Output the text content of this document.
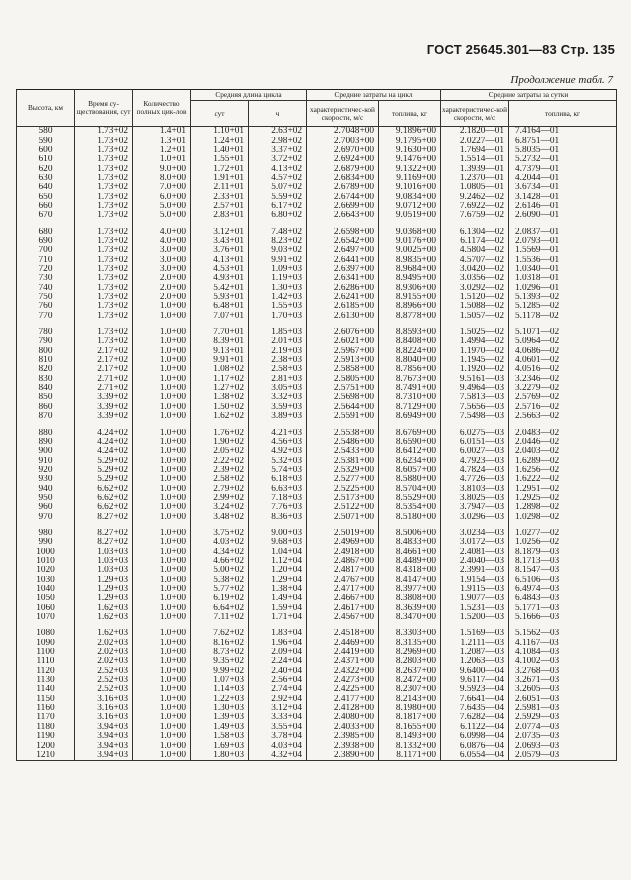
ГОСТ 25645.301—83 Стр. 135
Продолжение табл. 7
Высота, км	Время су-ществования, сут	Количество полных цик-лов	Средняя длина цикла		Средние затраты на цикл		Средние затраты за сутки	
			сут	ч	характеристичес-кой скорости, м/с	топлива, кг	характеристичес-кой скорости, м/с	топлива, кг
580	1.73+02	1.4+01	1.10+01	2.63+02	2.7048+00	9.1896+00	2.1820—01	7.4164—01
590	1.73+02	1.3+01	1.24+01	2.98+02	2.7003+00	9.1795+00	2.0227—01	6.8751—01
600	1.73+02	1.2+01	1.40+01	3.37+02	2.6970+00	9.1630+00	1.7694—01	5.8035—01
610	1.73+02	1.0+01	1.55+01	3.72+02	2.6924+00	9.1476+00	1.5514—01	5.2732—01
620	1.73+02	9.0+00	1.72+01	4.13+02	2.6879+00	9.1322+00	1.3939—01	4.7379—01
630	1.73+02	8.0+00	1.91+01	4.57+02	2.6834+00	9.1169+00	1.2370—01	4.2044—01
640	1.73+02	7.0+00	2.11+01	5.07+02	2.6789+00	9.1016+00	1.0805—01	3.6734—01
650	1.73+02	6.0+00	2.33+01	5.59+02	2.6744+00	9.0834+00	9.2462—02	3.1428—01
660	1.73+02	5.0+00	2.57+01	6.17+02	2.6699+00	9.0712+00	7.6922—02	2.6146—01
670	1.73+02	5.0+00	2.83+01	6.80+02	2.6643+00	9.0519+00	7.6759—02	2.6090—01

680	1.73+02	4.0+00	3.12+01	7.48+02	2.6598+00	9.0368+00	6.1304—02	2.0837—01
690	1.73+02	4.0+00	3.43+01	8.23+02	2.6542+00	9.0176+00	6.1174—02	2.0793—01
700	1.73+02	3.0+00	3.76+01	9.03+02	2.6497+00	9.0025+00	4.5804—02	1.5569—01
710	1.73+02	3.0+00	4.13+01	9.91+02	2.6441+00	8.9835+00	4.5707—02	1.5536—01
720	1.73+02	3.0+00	4.53+01	1.09+03	2.6397+00	8.9684+00	3.0420—02	1.0340—01
730	1.73+02	2.0+00	4.93+01	1.19+03	2.6341+00	8.9495+00	3.0356—02	1.0318—01
740	1.73+02	2.0+00	5.42+01	1.30+03	2.6286+00	8.9306+00	3.0292—02	1.0296—01
750	1.73+02	2.0+00	5.93+01	1.42+03	2.6241+00	8.9155+00	1.5120—02	5.1393—02
760	1.73+02	1.0+00	6.48+01	1.55+03	2.6185+00	8.8966+00	1.5088—02	5.1285—02
770	1.73+02	1.0+00	7.07+01	1.70+03	2.6130+00	8.8778+00	1.5057—02	5.1178—02

780	1.73+02	1.0+00	7.70+01	1.85+03	2.6076+00	8.8593+00	1.5025—02	5.1071—02
790	1.73+02	1.0+00	8.39+01	2.01+03	2.6021+00	8.8408+00	1.4994—02	5.0964—02
800	2.17+02	1.0+00	9.13+01	2.19+03	2.5967+00	8.8224+00	1.1970—02	4.0686—02
810	2.17+02	1.0+00	9.91+01	2.38+03	2.5913+00	8.8040+00	1.1945—02	4.0601—02
820	2.17+02	1.0+00	1.08+02	2.58+03	2.5858+00	8.7856+00	1.1920—02	4.0516—02
830	2.71+02	1.0+00	1.17+02	2.81+03	2.5805+00	8.7673+00	9.5161—03	3.2346—02
840	2.71+02	1.0+00	1.27+02	3.05+03	2.5751+00	8.7491+00	9.4964—03	3.2279—02
850	3.39+02	1.0+00	1.38+02	3.32+03	2.5698+00	8.7310+00	7.5813—03	2.5769—02
860	3.39+02	1.0+00	1.50+02	3.59+03	2.5644+00	8.7129+00	7.5656—03	2.5716—02
870	3.39+02	1.0+00	1.62+02	3.89+03	2.5591+00	8.6949+00	7.5498—03	2.5663—02

880	4.24+02	1.0+00	1.76+02	4.21+03	2.5538+00	8.6769+00	6.0275—03	2.0483—02
890	4.24+02	1.0+00	1.90+02	4.56+03	2.5486+00	8.6590+00	6.0151—03	2.0446—02
900	4.24+02	1.0+00	2.05+02	4.92+03	2.5433+00	8.6412+00	6.0027—03	2.0403—02
910	5.29+02	1.0+00	2.22+02	5.32+03	2.5381+00	8.6234+00	4.7923—03	1.6289—02
920	5.29+02	1.0+00	2.39+02	5.74+03	2.5329+00	8.6057+00	4.7824—03	1.6256—02
930	5.29+02	1.0+00	2.58+02	6.18+03	2.5277+00	8.5880+00	4.7726—03	1.6222—02
940	6.62+02	1.0+00	2.79+02	6.63+03	2.5225+00	8.5704+00	3.8103—03	1.2951—02
950	6.62+02	1.0+00	2.99+02	7.18+03	2.5173+00	8.5529+00	3.8025—03	1.2925—02
960	6.62+02	1.0+00	3.24+02	7.76+03	2.5122+00	8.5354+00	3.7947—03	1.2898—02
970	8.27+02	1.0+00	3.48+02	8.36+03	2.5071+00	8.5180+00	3.0296—03	1.0298—02

980	8.27+02	1.0+00	3.75+02	9.00+03	2.5019+00	8.5006+00	3.0234—03	1.0277—02
990	8.27+02	1.0+00	4.03+02	9.68+03	2.4969+00	8.4833+00	3.0172—03	1.0256—02
1000	1.03+03	1.0+00	4.34+02	1.04+04	2.4918+00	8.4661+00	2.4081—03	8.1879—03
1010	1.03+03	1.0+00	4.66+02	1.12+04	2.4867+00	8.4489+00	2.4040—03	8.1713—03
1020	1.03+03	1.0+00	5.00+02	1.20+04	2.4817+00	8.4318+00	2.3991—03	8.1547—03
1030	1.29+03	1.0+00	5.38+02	1.29+04	2.4767+00	8.4147+00	1.9154—03	6.5106—03
1040	1.29+03	1.0+00	5.77+02	1.38+04	2.4717+00	8.3977+00	1.9115—03	6.4974—03
1050	1.29+03	1.0+00	6.19+02	1.49+04	2.4667+00	8.3808+00	1.9077—03	6.4843—03
1060	1.62+03	1.0+00	6.64+02	1.59+04	2.4617+00	8.3639+00	1.5231—03	5.1771—03
1070	1.62+03	1.0+00	7.11+02	1.71+04	2.4567+00	8.3470+00	1.5200—03	5.1666—03

1080	1.62+03	1.0+00	7.62+02	1.83+04	2.4518+00	8.3303+00	1.5169—03	5.1562—03
1090	2.02+03	1.0+00	8.16+02	1.96+04	2.4469+00	8.3135+00	1.2111—03	4.1167—03
1100	2.02+03	1.0+00	8.73+02	2.09+04	2.4419+00	8.2969+00	1.2087—03	4.1084—03
1110	2.02+03	1.0+00	9.35+02	2.24+04	2.4371+00	8.2803+00	1.2063—03	4.1002—03
1120	2.52+03	1.0+00	9.99+02	2.40+04	2.4322+00	8.2637+00	9.6400—04	3.2768—03
1130	2.52+03	1.0+00	1.07+03	2.56+04	2.4273+00	8.2472+00	9.6117—04	3.2671—03
1140	2.52+03	1.0+00	1.14+03	2.74+04	2.4225+00	8.2307+00	9.5923—04	3.2605—03
1150	3.16+03	1.0+00	1.22+03	2.92+04	2.4177+00	8.2143+00	7.6641—04	2.6051—03
1160	3.16+03	1.0+00	1.30+03	3.12+04	2.4128+00	8.1980+00	7.6435—04	2.5981—03
1170	3.16+03	1.0+00	1.39+03	3.33+04	2.4080+00	8.1817+00	7.6282—04	2.5929—03
1180	3.94+03	1.0+00	1.49+03	3.55+04	2.4033+00	8.1655+00	6.1122—04	2.0774—03
1190	3.94+03	1.0+00	1.58+03	3.78+04	2.3985+00	8.1493+00	6.0998—04	2.0735—03
1200	3.94+03	1.0+00	1.69+03	4.03+04	2.3938+00	8.1332+00	6.0876—04	2.0693—03
1210	3.94+03	1.0+00	1.80+03	4.32+04	2.3890+00	8.1171+00	6.0554—04	2.0579—03
